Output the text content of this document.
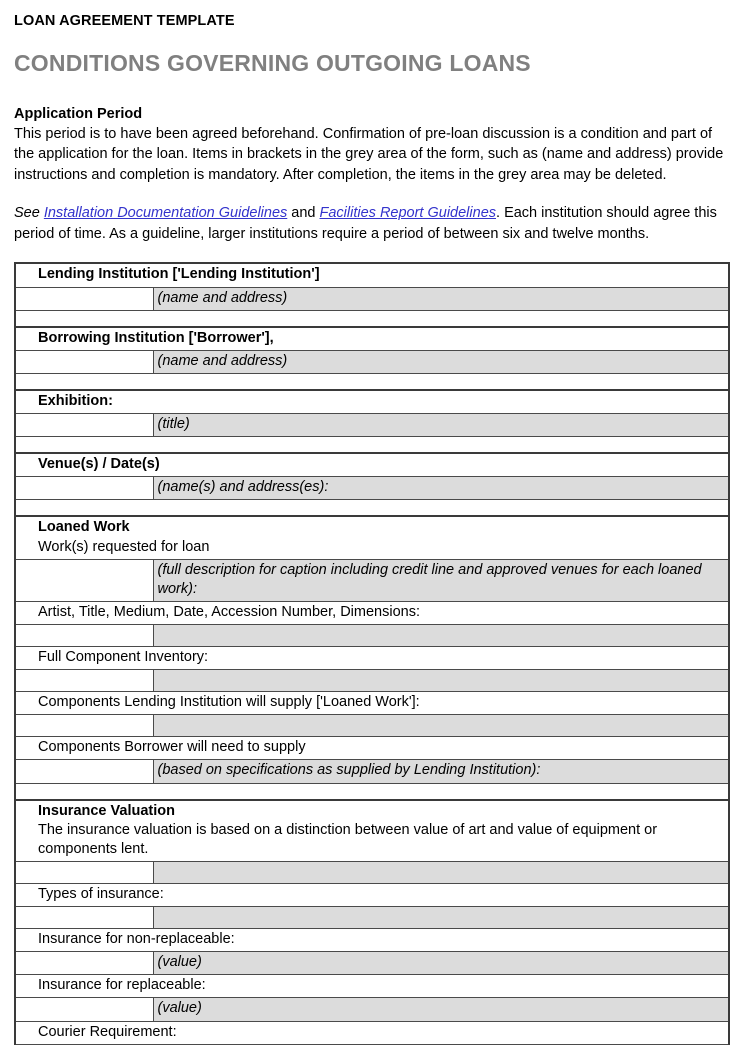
LOAN AGREEMENT TEMPLATE
CONDITIONS GOVERNING OUTGOING LOANS
Application Period

This period is to have been agreed beforehand. Confirmation of pre-loan discussion is a condition and part of the application for the loan. Items in brackets in the grey area of the form, such as (name and address) provide instructions and completion is mandatory. After completion, the items in the grey area may be deleted.

See Installation Documentation Guidelines and Facilities Report Guidelines. Each institution should agree this period of time. As a guideline, larger institutions require a period of between six and twelve months.

Lending Institution ['Lending Institution']	
	(name and address)

Borrowing Institution ['Borrower'],	
	(name and address)

Exhibition:	
	(title)

Venue(s) / Date(s)	
	(name(s) and address(es):

Loaned Work
Work(s) requested for loan	

	(full description for caption including credit line and approved venues for each loaned work):
Artist, Title, Medium, Date, Accession Number, Dimensions:	

Full Component Inventory:	

Components Lending Institution will supply ['Loaned Work']:	

Components Borrower will need to supply	
	(based on specifications as supplied by Lending Institution):

Insurance Valuation
The insurance valuation is based on a distinction between value of art and value of equipment or components lent.	

Types of insurance:	

Insurance for non-replaceable:	
	(value)
Insurance for replaceable:	
	(value)
Courier Requirement:	
